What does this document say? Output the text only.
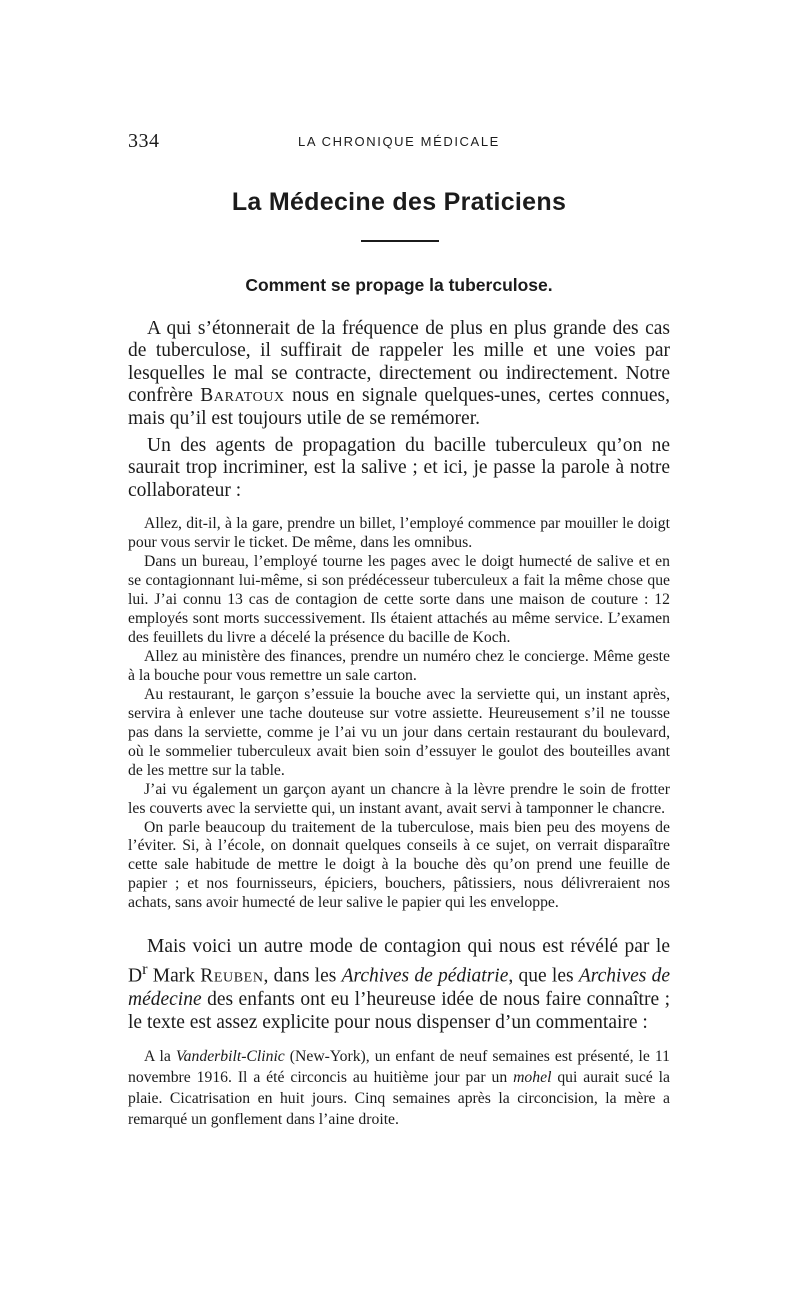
334	LA CHRONIQUE MÉDICALE
La Médecine des Praticiens
Comment se propage la tuberculose.

A qui s’étonnerait de la fréquence de plus en plus grande des cas de tuberculose, il suffirait de rappeler les mille et une voies par lesquelles le mal se contracte, directement ou indirectement. Notre confrère Baratoux nous en signale quelques-unes, certes connues, mais qu’il est toujours utile de se remémorer.

Un des agents de propagation du bacille tuberculeux qu’on ne saurait trop incriminer, est la salive ; et ici, je passe la parole à notre collaborateur :

Allez, dit-il, à la gare, prendre un billet, l’employé commence par mouiller le doigt pour vous servir le ticket. De même, dans les omnibus.

Dans un bureau, l’employé tourne les pages avec le doigt humecté de salive et en se contagionnant lui-même, si son prédécesseur tuberculeux a fait la même chose que lui. J’ai connu 13 cas de contagion de cette sorte dans une maison de couture : 12 employés sont morts successivement. Ils étaient attachés au même service. L’examen des feuillets du livre a décelé la présence du bacille de Koch.

Allez au ministère des finances, prendre un numéro chez le concierge. Même geste à la bouche pour vous remettre un sale carton.

Au restaurant, le garçon s’essuie la bouche avec la serviette qui, un instant après, servira à enlever une tache douteuse sur votre assiette. Heureusement s’il ne tousse pas dans la serviette, comme je l’ai vu un jour dans certain restaurant du boulevard, où le sommelier tuberculeux avait bien soin d’essuyer le goulot des bouteilles avant de les mettre sur la table.

J’ai vu également un garçon ayant un chancre à la lèvre prendre le soin de frotter les couverts avec la serviette qui, un instant avant, avait servi à tamponner le chancre.

On parle beaucoup du traitement de la tuberculose, mais bien peu des moyens de l’éviter. Si, à l’école, on donnait quelques conseils à ce sujet, on verrait disparaître cette sale habitude de mettre le doigt à la bouche dès qu’on prend une feuille de papier ; et nos fournisseurs, épiciers, bouchers, pâtissiers, nous délivreraient nos achats, sans avoir humecté de leur salive le papier qui les enveloppe.

Mais voici un autre mode de contagion qui nous est révélé par le $D^r$ Mark Reuben, dans les Archives de pédiatrie, que les Archives de médecine des enfants ont eu l’heureuse idée de nous faire connaître ; le texte est assez explicite pour nous dispenser d’un commentaire :

A la Vanderbilt-Clinic (New-York), un enfant de neuf semaines est présenté, le 11 novembre 1916. Il a été circoncis au huitième jour par un mohel qui aurait sucé la plaie. Cicatrisation en huit jours. Cinq semaines après la circoncision, la mère a remarqué un gonflement dans l’aine droite.
